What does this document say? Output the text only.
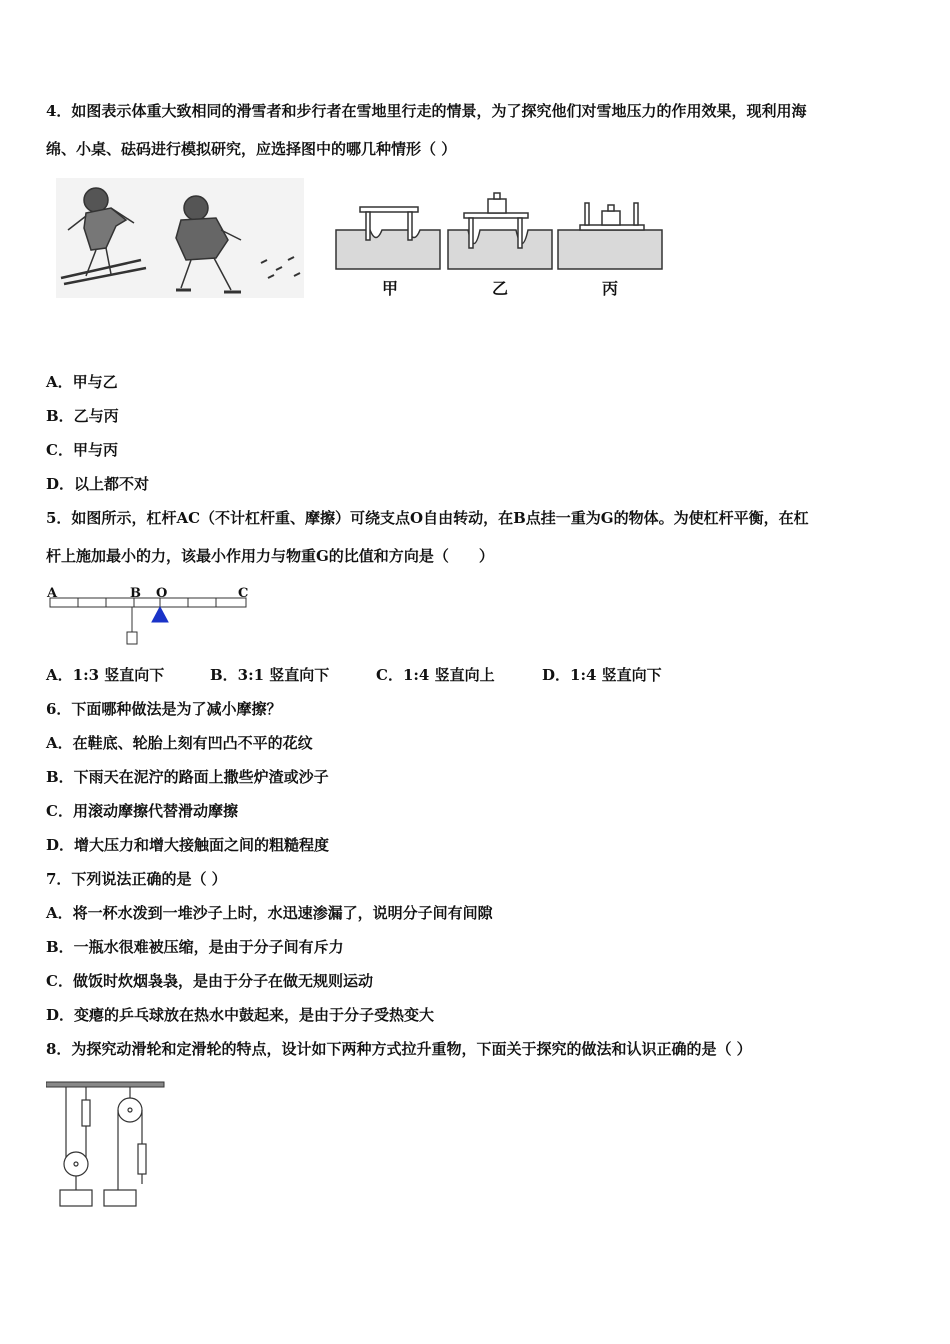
4．如图表示体重大致相同的滑雪者和步行者在雪地里行走的情景，为了探究他们对雪地压力的作用效果，现利用海
绵、小桌、砝码进行模拟研究，应选择图中的哪几种情形（ ）
甲	乙	丙
A．甲与乙
B．乙与丙
C．甲与丙
D．以上都不对
5．如图所示，杠杆AC（不计杠杆重、摩擦）可绕支点O自由转动，在B点挂一重为G的物体。为使杠杆平衡，在杠
杆上施加最小的力，该最小作用力与物重G的比值和方向是（　　）
A	B O	C
A．1:3 竖直向下	B．3:1 竖直向下	C．1:4 竖直向上	D．1:4 竖直向下
6．下面哪种做法是为了减小摩擦？
A．在鞋底、轮胎上刻有凹凸不平的花纹
B．下雨天在泥泞的路面上撒些炉渣或沙子
C．用滚动摩擦代替滑动摩擦
D．增大压力和增大接触面之间的粗糙程度
7．下列说法正确的是（ ）
A．将一杯水泼到一堆沙子上时，水迅速渗漏了，说明分子间有间隙
B．一瓶水很难被压缩，是由于分子间有斥力
C．做饭时炊烟袅袅，是由于分子在做无规则运动
D．变瘪的乒乓球放在热水中鼓起来，是由于分子受热变大
8．为探究动滑轮和定滑轮的特点，设计如下两种方式拉升重物，下面关于探究的做法和认识正确的是（ ）
